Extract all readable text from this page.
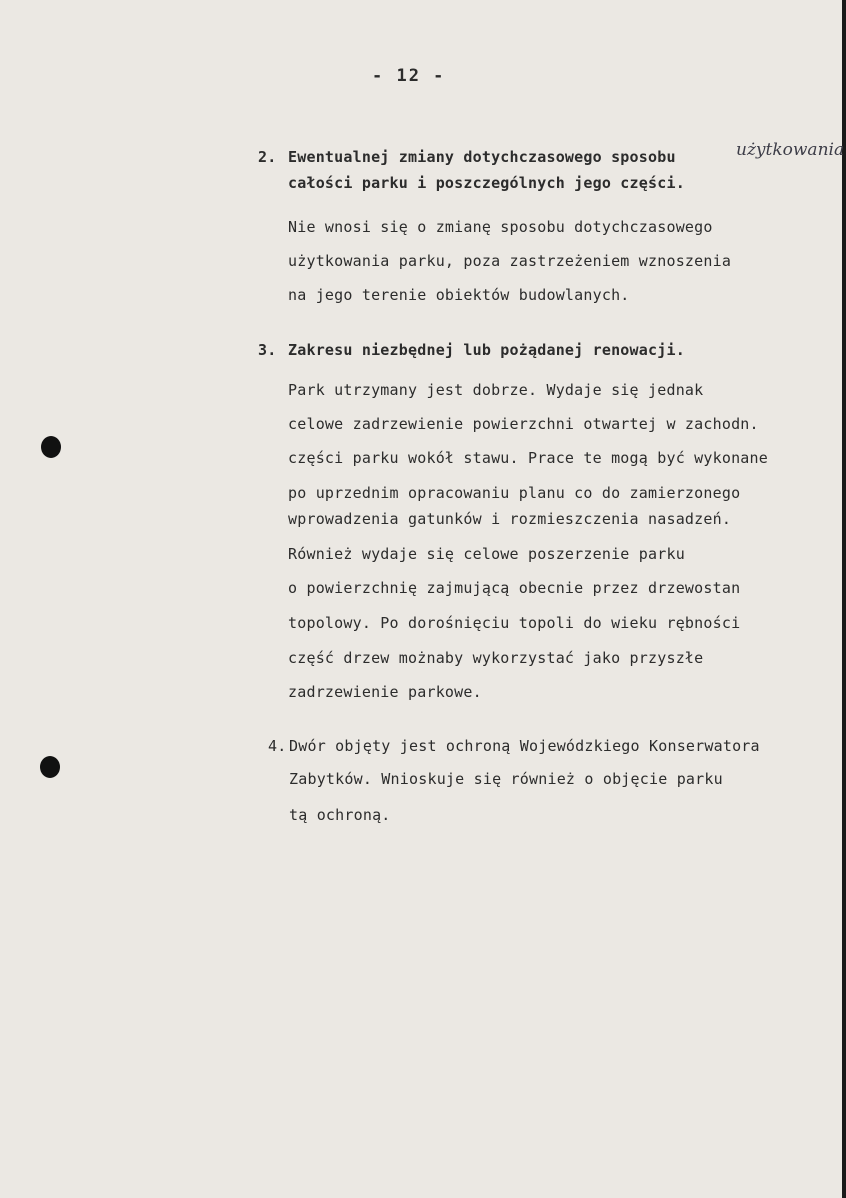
- 12 -
2. Ewentualnej zmiany dotychczasowego sposobu	użytkowania
całości parku i poszczególnych jego części.
Nie wnosi się o zmianę sposobu dotychczasowego
użytkowania parku, poza zastrzeżeniem wznoszenia
na jego terenie obiektów budowlanych.
3. Zakresu niezbędnej lub pożądanej renowacji.
Park utrzymany jest dobrze. Wydaje się jednak
celowe zadrzewienie powierzchni otwartej w zachodn.
części parku wokół stawu. Prace te mogą być wykonane
po uprzednim opracowaniu planu co do zamierzonego
wprowadzenia gatunków i rozmieszczenia nasadzeń.
Również wydaje się celowe poszerzenie parku
o powierzchnię zajmującą obecnie przez drzewostan
topolowy. Po dorośnięciu topoli do wieku rębności
część drzew możnaby wykorzystać jako przyszłe
zadrzewienie parkowe.
4. Dwór objęty jest ochroną Wojewódzkiego Konserwatora
Zabytków. Wnioskuje się również o objęcie parku
tą ochroną.
